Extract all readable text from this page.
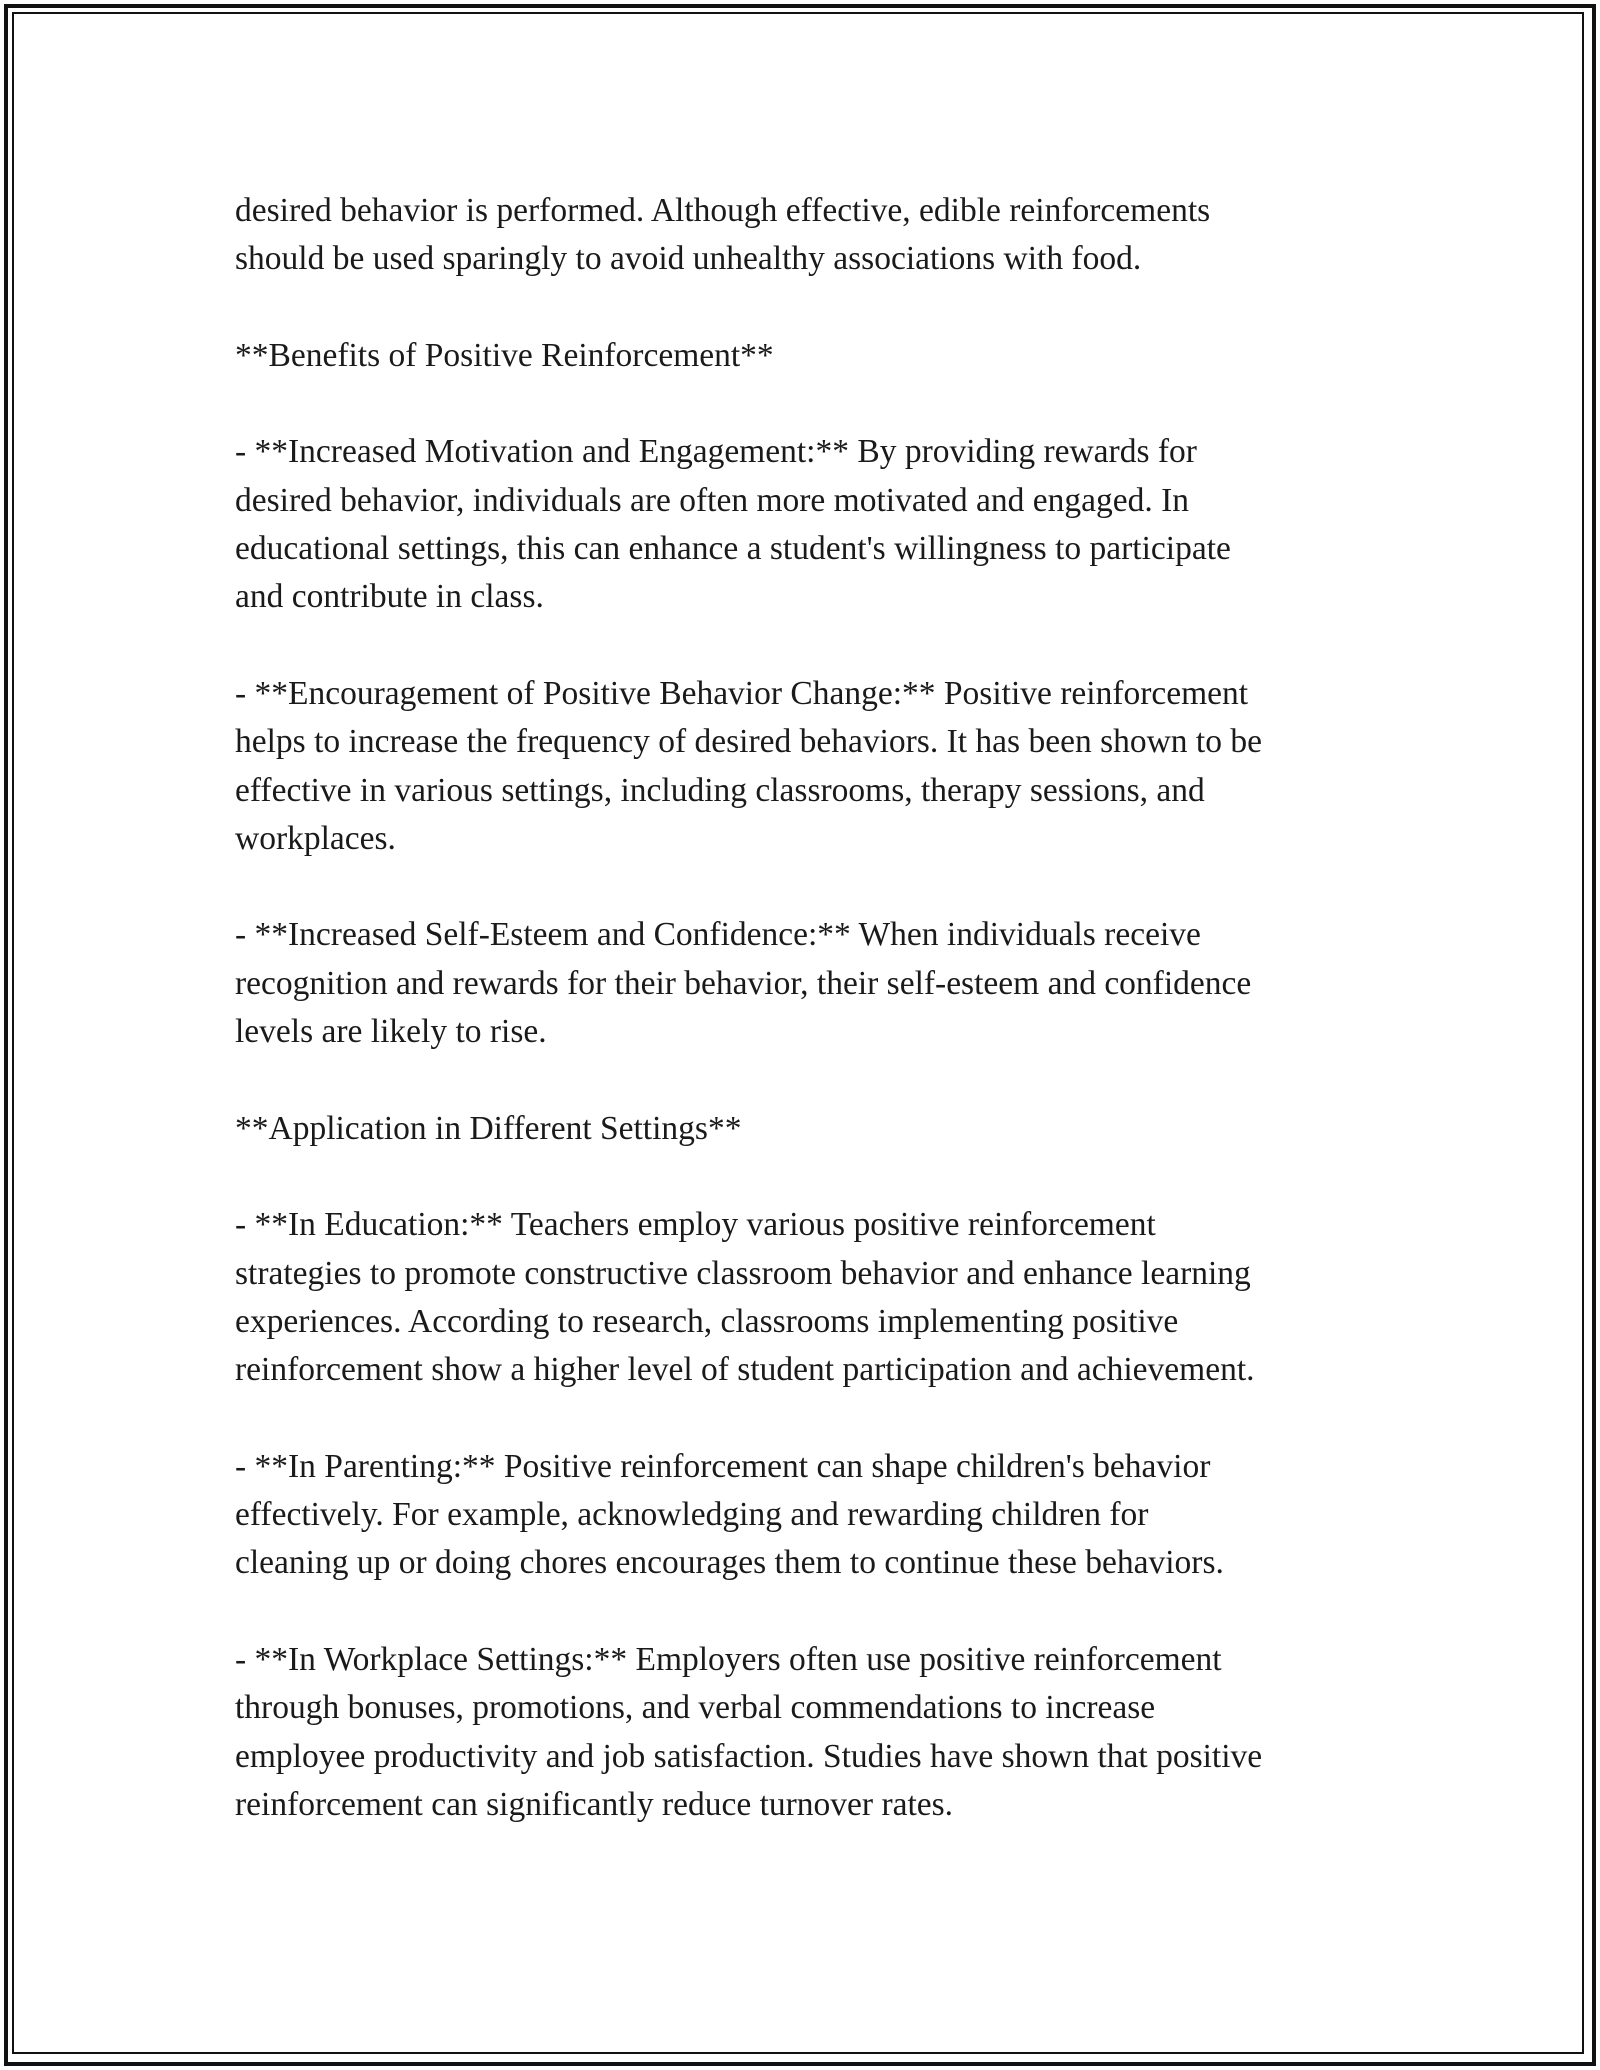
desired behavior is performed. Although effective, edible reinforcements
should be used sparingly to avoid unhealthy associations with food.
**Benefits of Positive Reinforcement**
- **Increased Motivation and Engagement:** By providing rewards for
desired behavior, individuals are often more motivated and engaged. In
educational settings, this can enhance a student's willingness to participate
and contribute in class.
- **Encouragement of Positive Behavior Change:** Positive reinforcement
helps to increase the frequency of desired behaviors. It has been shown to be
effective in various settings, including classrooms, therapy sessions, and
workplaces.
- **Increased Self-Esteem and Confidence:** When individuals receive
recognition and rewards for their behavior, their self-esteem and confidence
levels are likely to rise.
**Application in Different Settings**
- **In Education:** Teachers employ various positive reinforcement
strategies to promote constructive classroom behavior and enhance learning
experiences. According to research, classrooms implementing positive
reinforcement show a higher level of student participation and achievement.
- **In Parenting:** Positive reinforcement can shape children's behavior
effectively. For example, acknowledging and rewarding children for
cleaning up or doing chores encourages them to continue these behaviors.
- **In Workplace Settings:** Employers often use positive reinforcement
through bonuses, promotions, and verbal commendations to increase
employee productivity and job satisfaction. Studies have shown that positive
reinforcement can significantly reduce turnover rates.
